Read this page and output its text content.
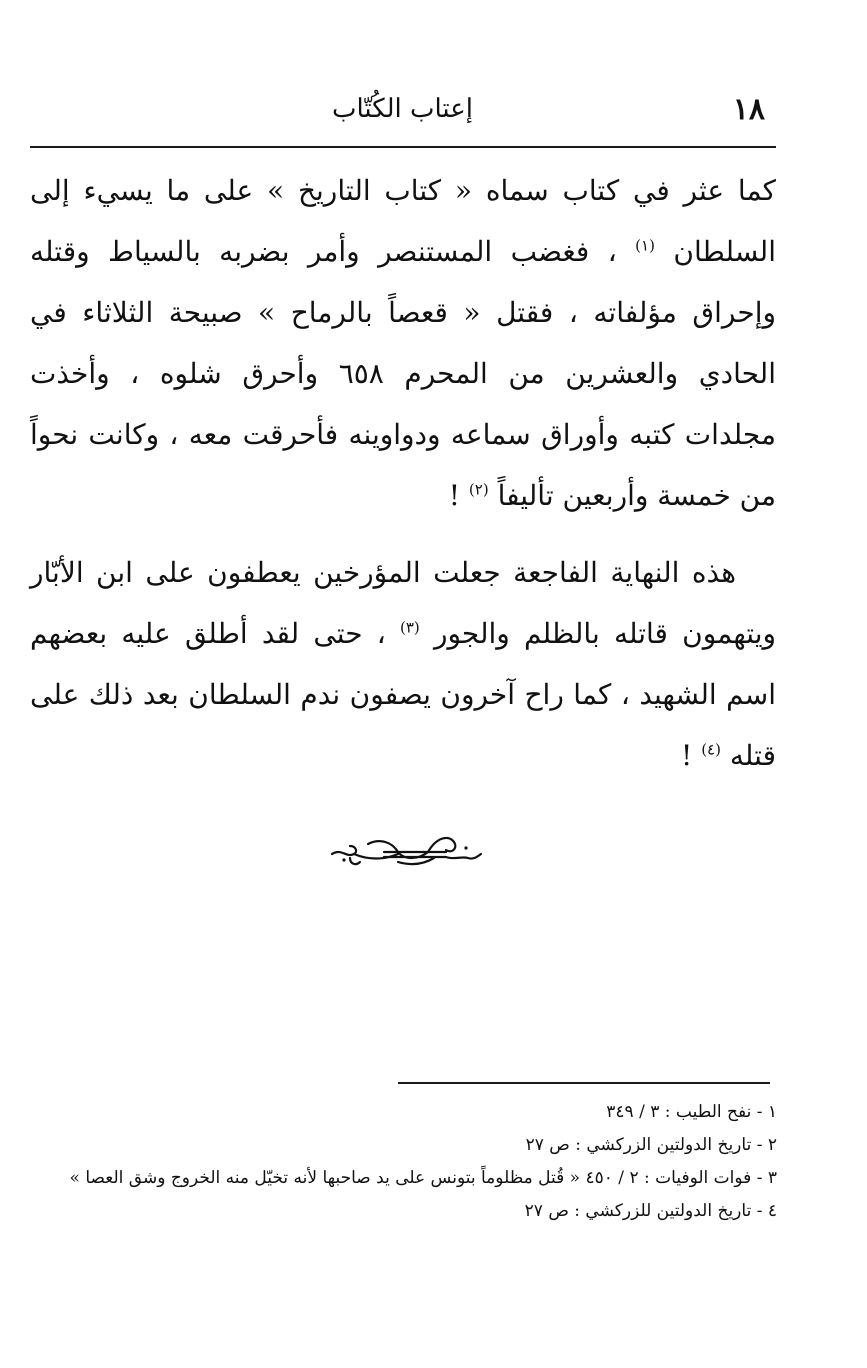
١٨
إعتاب الكُتّاب

كما عثر في كتاب سماه « كتاب التاريخ » على ما يسيء إلى السلطان $^{(١)}$ ، فغضب المستنصر وأمر بضربه بالسياط وقتله وإحراق مؤلفاته ، فقتل « قعصاً بالرماح » صبيحة الثلاثاء في الحادي والعشرين من المحرم ٦٥٨ وأحرق شلوه ، وأخذت مجلدات كتبه وأوراق سماعه ودواوينه فأحرقت معه ، وكانت نحواً من خمسة وأربعين تأليفاً $^{(٢)}$ !

هذه النهاية الفاجعة جعلت المؤرخين يعطفون على ابن الأبّار ويتهمون قاتله بالظلم والجور $^{(٣)}$ ، حتى لقد أطلق عليه بعضهم اسم الشهيد ، كما راح آخرون يصفون ندم السلطان بعد ذلك على قتله $^{(٤)}$ !

١ - نفح الطيب : ٣ / ٣٤٩
٢ - تاريخ الدولتين الزركشي : ص ٢٧
٣ - فوات الوفيات : ٢ / ٤٥٠ « قُتل مظلوماً بتونس على يد صاحبها لأنه تخيّل منه الخروج وشق العصا »
٤ - تاريخ الدولتين للزركشي : ص ٢٧
